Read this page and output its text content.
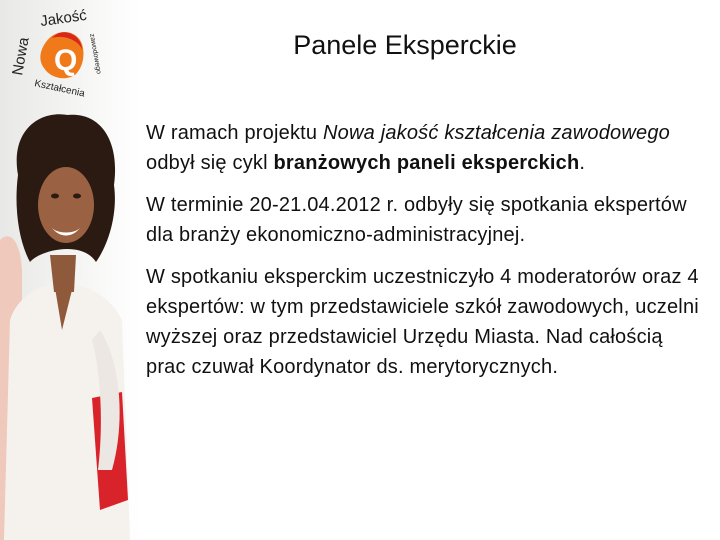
Jakość
Nowa	zawodowego
Kształcenia
Q	Panele Eksperckie

W ramach projektu Nowa jakość kształcenia zawodowego odbył się cykl branżowych paneli eksperckich.

W terminie 20-21.04.2012 r. odbyły się spotkania ekspertów dla branży ekonomiczno-administracyjnej.

W spotkaniu eksperckim uczestniczyło 4 moderatorów oraz 4 ekspertów: w tym przedstawiciele szkół zawodowych, uczelni wyższej oraz przedstawiciel Urzędu Miasta. Nad całością prac czuwał Koordynator ds. merytorycznych.
